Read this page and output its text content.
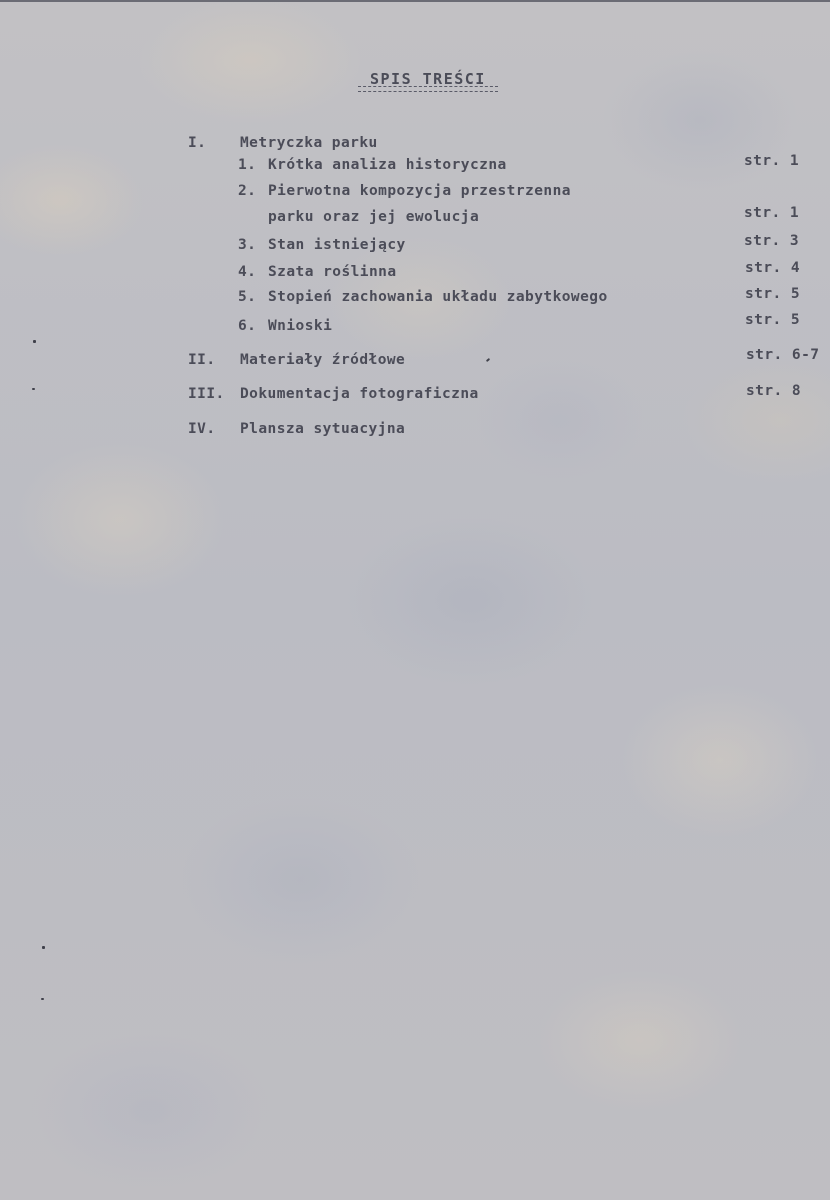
SPIS TREŚCI
I. Metryczka parku
1. Krótka analiza historyczna	str. 1
2. Pierwotna kompozycja przestrzenna
parku oraz jej ewolucja	str. 1
3. Stan istniejący	str. 3
4. Szata roślinna	str. 4
5. Stopień zachowania układu zabytkowego	str. 5
6. Wnioski	str. 5
II. Materiały źródłowe	str. 6-7
III. Dokumentacja fotograficzna	str. 8
IV. Plansza sytuacyjna
